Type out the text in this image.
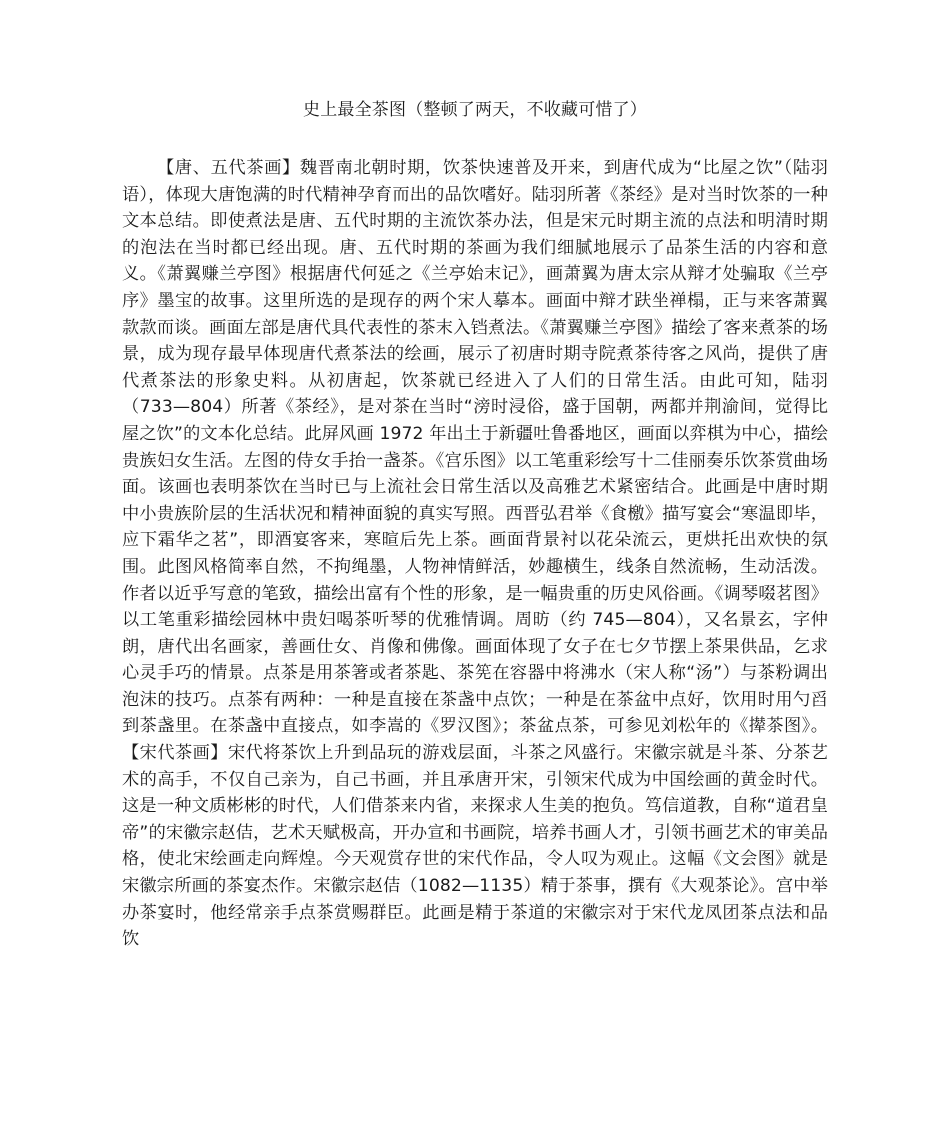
史上最全茶图（整顿了两天，不收藏可惜了）

【唐、五代茶画】魏晋南北朝时期，饮茶快速普及开来，到唐代成为“比屋之饮”（陆羽语），体现大唐饱满的时代精神孕育而出的品饮嗜好。陆羽所著《茶经》是对当时饮茶的一种文本总结。即使煮法是唐、五代时期的主流饮茶办法，但是宋元时期主流的点法和明清时期的泡法在当时都已经出现。唐、五代时期的茶画为我们细腻地展示了品茶生活的内容和意义。《萧翼赚兰亭图》根据唐代何延之《兰亭始末记》，画萧翼为唐太宗从辩才处骗取《兰亭序》墨宝的故事。这里所选的是现存的两个宋人摹本。画面中辩才趺坐禅榻，正与来客萧翼款款而谈。画面左部是唐代具代表性的茶末入铛煮法。《萧翼赚兰亭图》描绘了客来煮茶的场景，成为现存最早体现唐代煮茶法的绘画，展示了初唐时期寺院煮茶待客之风尚，提供了唐代煮茶法的形象史料。从初唐起，饮茶就已经进入了人们的日常生活。由此可知，陆羽（733—804）所著《茶经》，是对茶在当时“滂时浸俗，盛于国朝，两都并荆渝间，觉得比屋之饮”的文本化总结。此屏风画 1972 年出土于新疆吐鲁番地区，画面以弈棋为中心，描绘贵族妇女生活。左图的侍女手抬一盏茶。《宫乐图》以工笔重彩绘写十二佳丽奏乐饮茶赏曲场面。该画也表明茶饮在当时已与上流社会日常生活以及高雅艺术紧密结合。此画是中唐时期中小贵族阶层的生活状况和精神面貌的真实写照。西晋弘君举《食檄》描写宴会“寒温即毕，应下霜华之茗”，即酒宴客来，寒暄后先上茶。画面背景衬以花朵流云，更烘托出欢快的氛围。此图风格简率自然，不拘绳墨，人物神情鲜活，妙趣横生，线条自然流畅，生动活泼。作者以近乎写意的笔致，描绘出富有个性的形象，是一幅贵重的历史风俗画。《调琴啜茗图》以工笔重彩描绘园林中贵妇喝茶听琴的优雅情调。周昉（约 745—804），又名景玄，字仲朗，唐代出名画家，善画仕女、肖像和佛像。画面体现了女子在七夕节摆上茶果供品，乞求心灵手巧的情景。点茶是用茶箸或者茶匙、茶筅在容器中将沸水（宋人称“汤”）与茶粉调出泡沫的技巧。点茶有两种：一种是直接在茶盏中点饮；一种是在茶盆中点好，饮用时用勺舀到茶盏里。在茶盏中直接点，如李嵩的《罗汉图》；茶盆点茶，可参见刘松年的《撵茶图》。【宋代茶画】宋代将茶饮上升到品玩的游戏层面，斗茶之风盛行。宋徽宗就是斗茶、分茶艺术的高手，不仅自己亲为，自己书画，并且承唐开宋，引领宋代成为中国绘画的黄金时代。这是一种文质彬彬的时代，人们借茶来内省，来探求人生美的抱负。笃信道教，自称“道君皇帝”的宋徽宗赵佶，艺术天赋极高，开办宣和书画院，培养书画人才，引领书画艺术的审美品格，使北宋绘画走向辉煌。今天观赏存世的宋代作品，令人叹为观止。这幅《文会图》就是宋徽宗所画的茶宴杰作。宋徽宗赵佶（1082—1135）精于茶事，撰有《大观茶论》。宫中举办茶宴时，他经常亲手点茶赏赐群臣。此画是精于茶道的宋徽宗对于宋代龙凤团茶点法和品饮
